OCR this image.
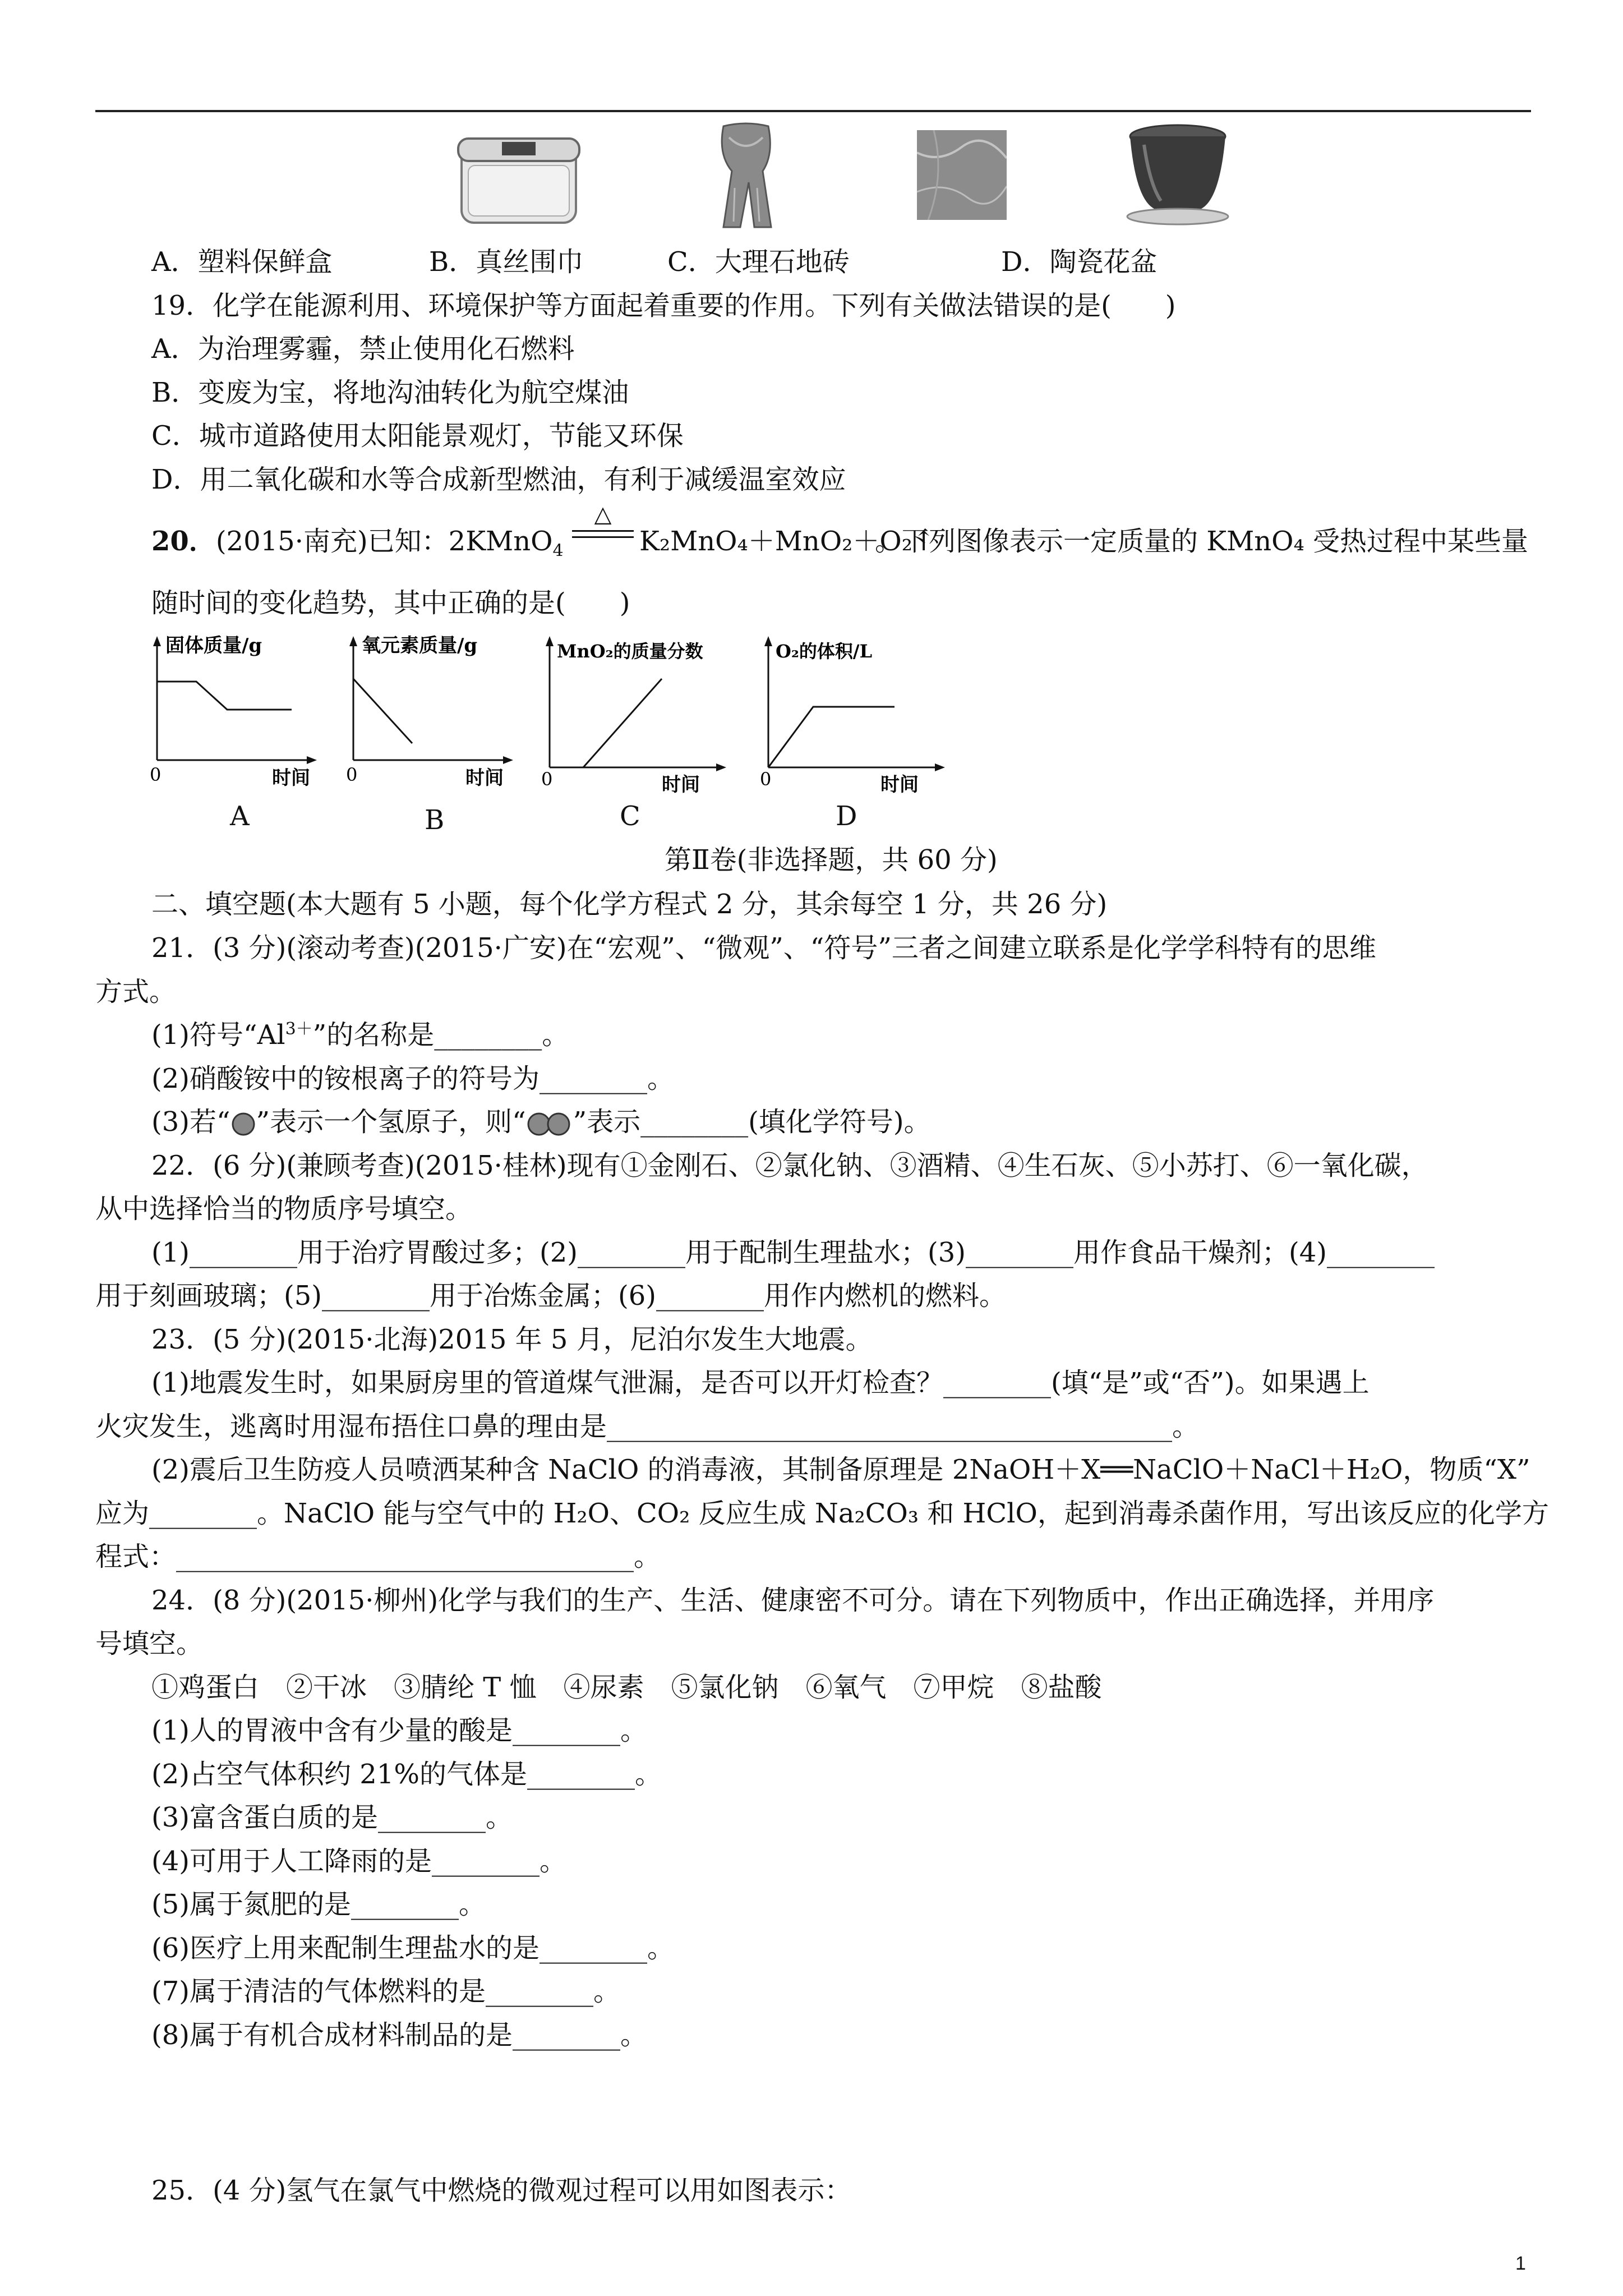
A．塑料保鲜盒	B．真丝围巾	C．大理石地砖	D．陶瓷花盆
19．化学在能源利用、环境保护等方面起着重要的作用。下列有关做法错误的是(　　)
A．为治理雾霾，禁止使用化石燃料
B．变废为宝，将地沟油转化为航空煤油
C．城市道路使用太阳能景观灯，节能又环保
D．用二氧化碳和水等合成新型燃油，有利于减缓温室效应
20．(2015·南充)已知：2KMnO$_4$
△
K₂MnO₄＋MnO₂＋O₂↑
。下列图像表示一定质量的 KMnO₄ 受热过程中某些量
随时间的变化趋势，其中正确的是(　　)
固体质量/g
0	时间
氧元素质量/g
0	时间
MnO₂的质量分数
0	时间
O₂的体积/L
0	时间
A	B	C	D
第Ⅱ卷(非选择题，共 60 分)
二、填空题(本大题有 5 小题，每个化学方程式 2 分，其余每空 1 分，共 26 分)
21．(3 分)(滚动考查)(2015·广安)在“宏观”、“微观”、“符号”三者之间建立联系是化学学科特有的思维
方式。
(1)符号“$Al^{3+}$”的名称是________。
(2)硝酸铵中的铵根离子的符号为________。
(3)若“ ”表示一个氢原子，则“ ”表示________(填化学符号)。
22．(6 分)(兼顾考查)(2015·桂林)现有①金刚石、②氯化钠、③酒精、④生石灰、⑤小苏打、⑥一氧化碳，
从中选择恰当的物质序号填空。
(1)________用于治疗胃酸过多；(2)________用于配制生理盐水；(3)________用作食品干燥剂；(4)________
用于刻画玻璃；(5)________用于冶炼金属；(6)________用作内燃机的燃料。
23．(5 分)(2015·北海)2015 年 5 月，尼泊尔发生大地震。
(1)地震发生时，如果厨房里的管道煤气泄漏，是否可以开灯检查？________(填“是”或“否”)。如果遇上
火灾发生，逃离时用湿布捂住口鼻的理由是__________________________________________。
(2)震后卫生防疫人员喷洒某种含 NaClO 的消毒液，其制备原理是 2NaOH＋X══NaClO＋NaCl＋H₂O，物质“X”
应为________。NaClO 能与空气中的 H₂O、CO₂ 反应生成 Na₂CO₃ 和 HClO，起到消毒杀菌作用，写出该反应的化学方
程式：__________________________________。
24．(8 分)(2015·柳州)化学与我们的生产、生活、健康密不可分。请在下列物质中，作出正确选择，并用序
号填空。
①鸡蛋白　②干冰　③腈纶 T 恤　④尿素　⑤氯化钠　⑥氧气　⑦甲烷　⑧盐酸
(1)人的胃液中含有少量的酸是________。
(2)占空气体积约 21%的气体是________。
(3)富含蛋白质的是________。
(4)可用于人工降雨的是________。
(5)属于氮肥的是________。
(6)医疗上用来配制生理盐水的是________。
(7)属于清洁的气体燃料的是________。
(8)属于有机合成材料制品的是________。
25．(4 分)氢气在氯气中燃烧的微观过程可以用如图表示：
1
